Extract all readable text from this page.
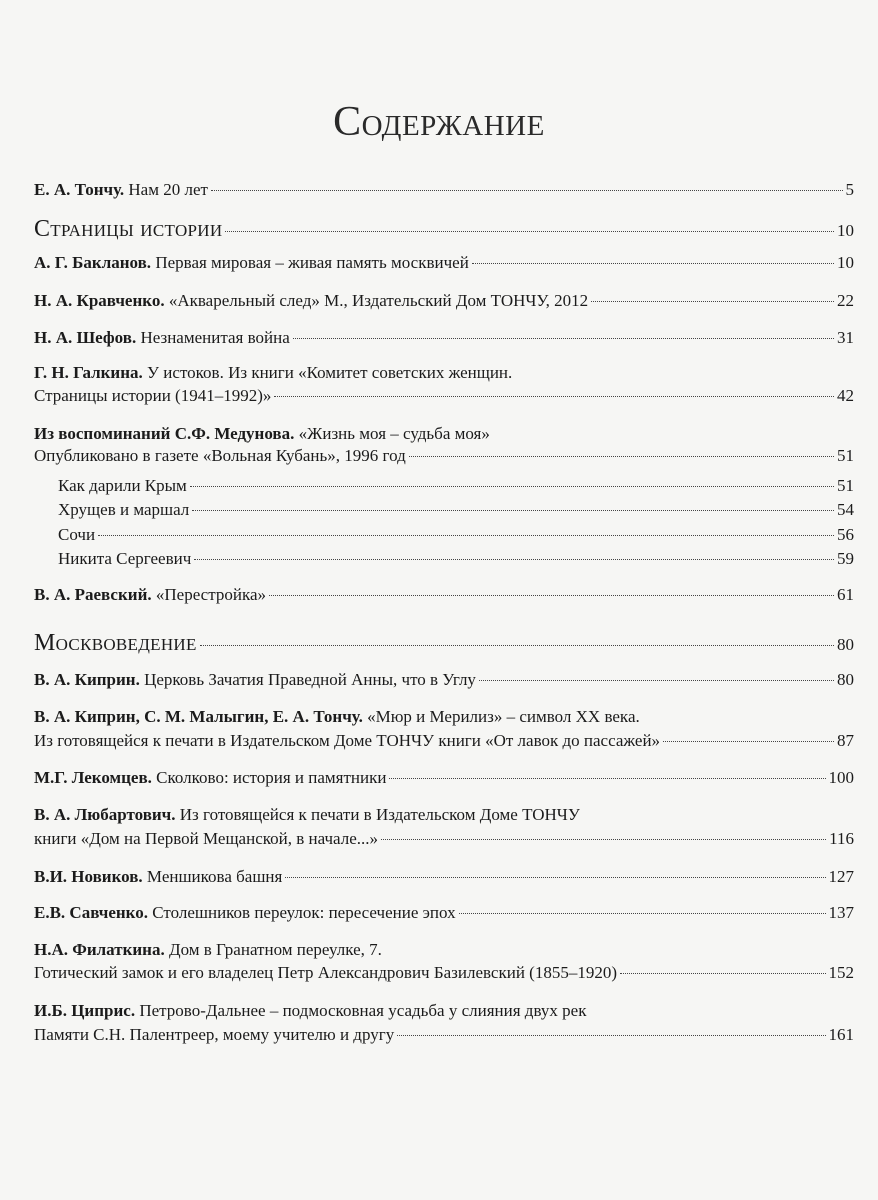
Содержание
Е. А. Тончу. Нам 20 лет	5
Страницы истории	10
А. Г. Бакланов. Первая мировая – живая память москвичей	10
Н. А. Кравченко. «Акварельный след» М., Издательский Дом ТОНЧУ, 2012	22
Н. А. Шефов. Незнаменитая война	31
Г. Н. Галкина. У истоков. Из книги «Комитет советских женщин.
Страницы истории (1941–1992)»	42
Из воспоминаний С.Ф. Медунова. «Жизнь моя – судьба моя»
Опубликовано в газете «Вольная Кубань», 1996 год	51
Как дарили Крым	51
Хрущев и маршал	54
Сочи	56
Никита Сергеевич	59
В. А. Раевский. «Перестройка»	61
Москвоведение	80
В. А. Киприн. Церковь Зачатия Праведной Анны, что в Углу	80
В. А. Киприн, С. М. Малыгин, Е. А. Тончу. «Мюр и Мерилиз» – символ XX века.
Из готовящейся к печати в Издательском Доме ТОНЧУ книги «От лавок до пассажей»	87
М.Г. Лекомцев. Сколково: история и памятники	100
В. А. Любартович. Из готовящейся к печати в Издательском Доме ТОНЧУ
книги «Дом на Первой Мещанской, в начале...»	116
В.И. Новиков. Меншикова башня	127
Е.В. Савченко. Столешников переулок: пересечение эпох	137
Н.А. Филаткина. Дом в Гранатном переулке, 7.
Готический замок и его владелец Петр Александрович Базилевский (1855–1920)	152
И.Б. Циприс. Петрово-Дальнее – подмосковная усадьба у слияния двух рек
Памяти С.Н. Палентреер, моему учителю и другу	161
